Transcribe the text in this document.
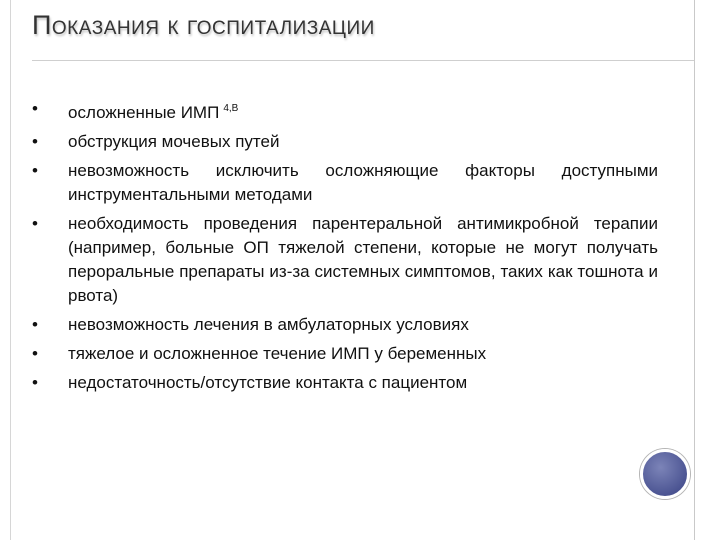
Показания к госпитализации
•	осложненные ИМП $^{4,B}$
•	обструкция мочевых путей
•	невозможность исключить осложняющие факторы доступными инструментальными методами
•	необходимость проведения парентеральной антимикробной терапии (например, больные ОП тяжелой степени, которые не могут получать пероральные препараты из-за системных симптомов, таких как тошнота и рвота)
•	невозможность лечения в амбулаторных условиях
•	тяжелое и осложненное течение ИМП у беременных
•	недостаточность/отсутствие контакта с пациентом
